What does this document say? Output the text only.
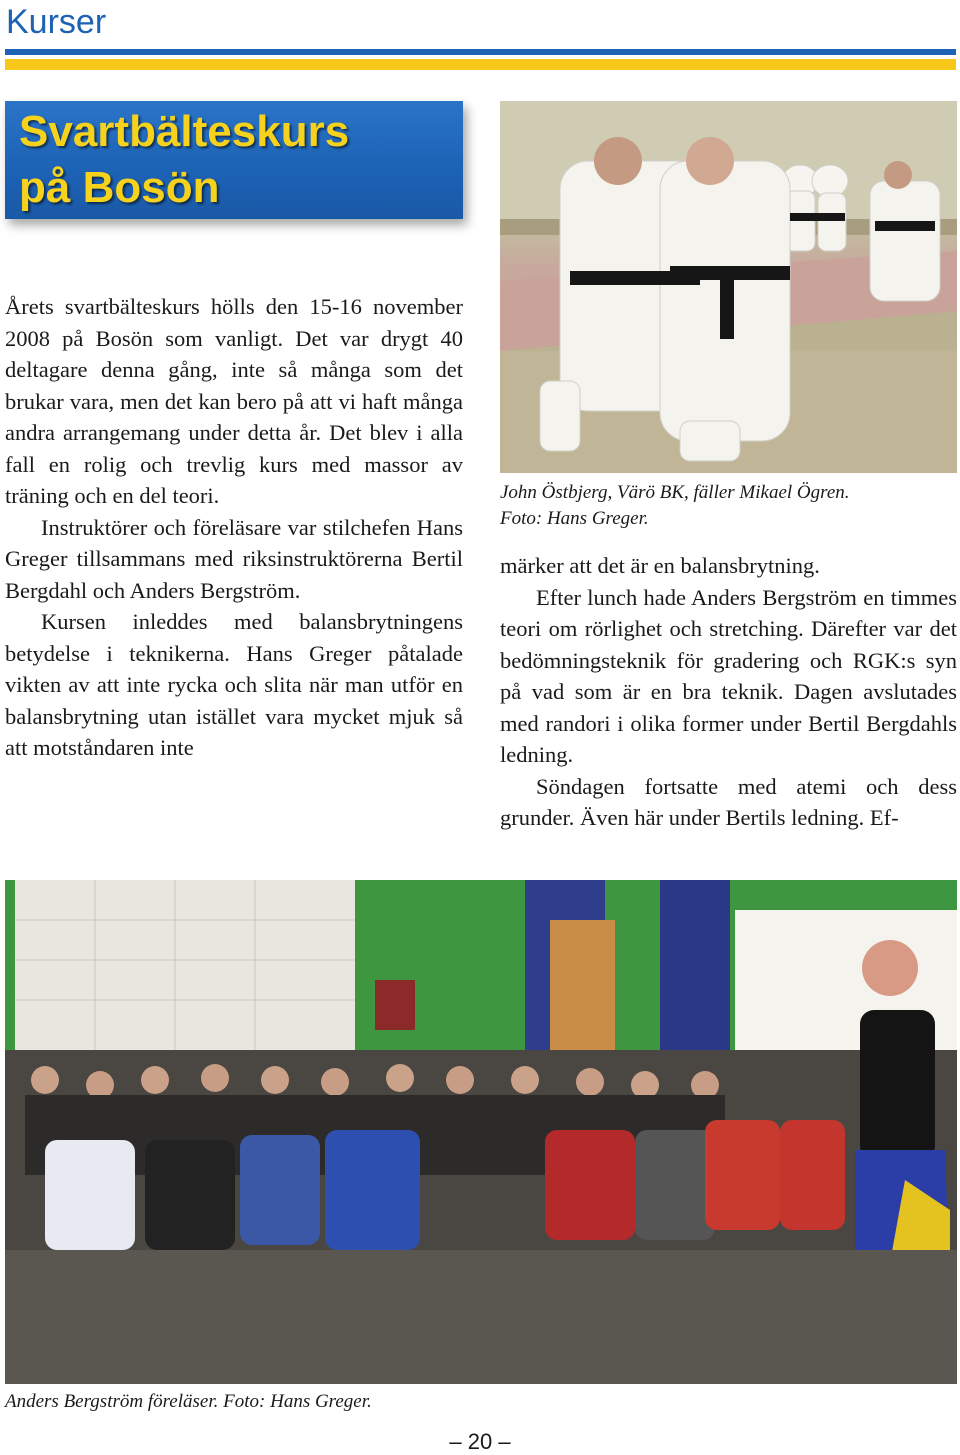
Kurser
Svartbälteskurs
på Bosön

Årets svartbälteskurs hölls den 15-16 november 2008 på Bosön som vanligt. Det var drygt 40 deltagare denna gång, inte så många som det brukar vara, men det kan bero på att vi haft många andra arrangemang under detta år. Det blev i alla fall en rolig och trevlig kurs med massor av träning och en del teori.

Instruktörer och föreläsare var stilchefen Hans Greger tillsammans med riksinstruktörerna Bertil Bergdahl och Anders Bergström.

Kursen inleddes med balansbrytningens betydelse i teknikerna. Hans Greger påtalade vikten av att inte rycka och slita när man utför en balansbrytning utan istället vara mycket mjuk så att motståndaren inte

John Östbjerg, Värö BK, fäller Mikael Ögren.
Foto: Hans Greger.

märker att det är en balansbrytning.

Efter lunch hade Anders Bergström en timmes teori om rörlighet och stretching. Därefter var det bedömningsteknik för gradering och RGK:s syn på vad som är en bra teknik. Dagen avslutades med randori i olika former under Bertil Bergdahls ledning.

Söndagen fortsatte med atemi och dess grunder. Även här under Bertils ledning. Ef-

Anders Bergström föreläser. Foto: Hans Greger.
– 20 –
